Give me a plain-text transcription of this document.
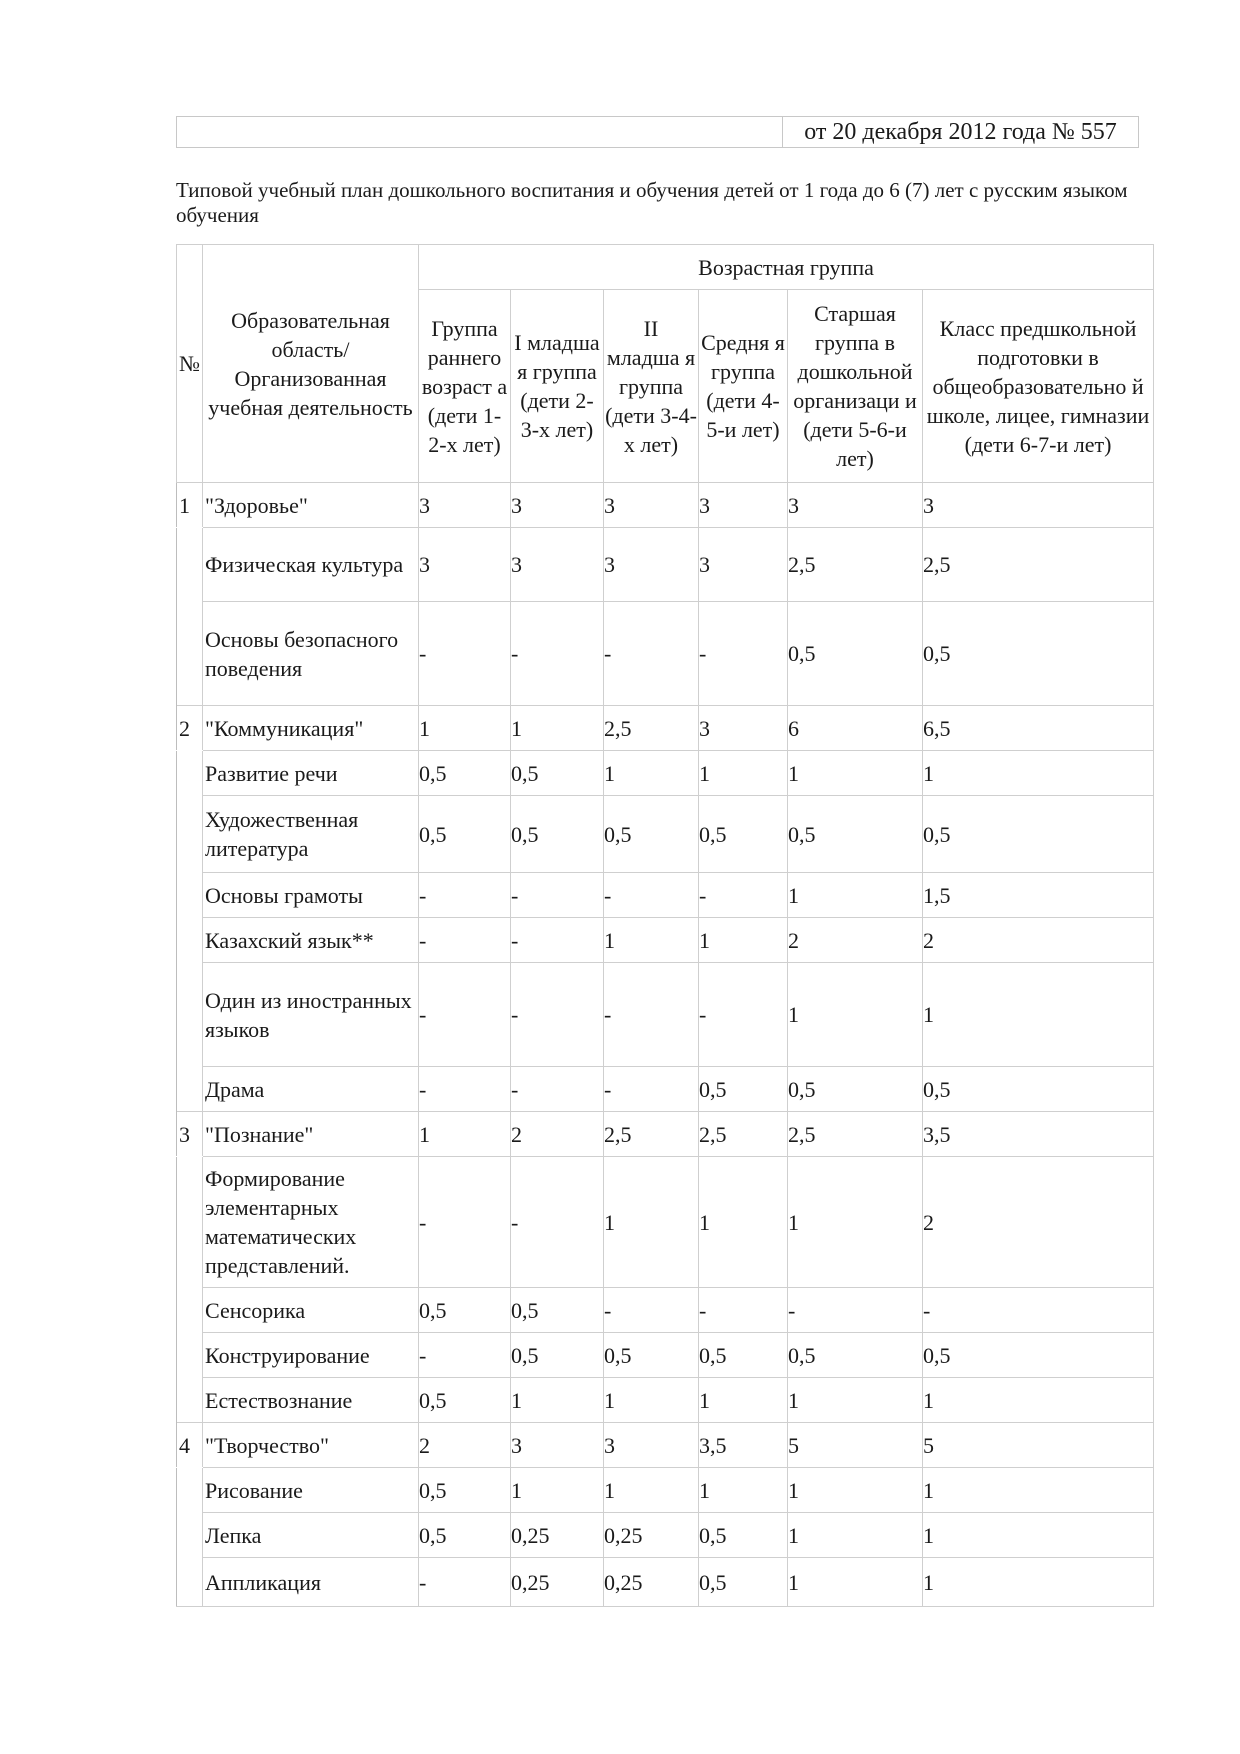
	от 20 декабря 2012 года № 557
Типовой учебный план дошкольного воспитания и обучения детей от 1 года до 6 (7) лет с русским языком обучения
№	Образовательная область/ Организованная учебная деятельность	Возрастная группа					
		Группа раннего возраст а (дети 1-2-х лет)	I младша я группа (дети 2-3-х лет)	II младша я группа (дети 3-4-х лет)	Средня я группа (дети 4-5-и лет)	Старшая группа в дошкольной организаци и (дети 5-6-и лет)	Класс предшкольной подготовки в общеобразовательно й школе, лицее, гимназии (дети 6-7-и лет)
1	"Здоровье"	3	3	3	3	3	3
	Физическая культура	3	3	3	3	2,5	2,5
	Основы безопасного поведения	-	-	-	-	0,5	0,5
2	"Коммуникация"	1	1	2,5	3	6	6,5
	Развитие речи	0,5	0,5	1	1	1	1
	Художественная литература	0,5	0,5	0,5	0,5	0,5	0,5
	Основы грамоты	-	-	-	-	1	1,5
	Казахский язык**	-	-	1	1	2	2
	Один из иностранных языков	-	-	-	-	1	1
	Драма	-	-	-	0,5	0,5	0,5
3	"Познание"	1	2	2,5	2,5	2,5	3,5
	Формирование элементарных математических представлений.	-	-	1	1	1	2
	Сенсорика	0,5	0,5	-	-	-	-
	Конструирование	-	0,5	0,5	0,5	0,5	0,5
	Естествознание	0,5	1	1	1	1	1
4	"Творчество"	2	3	3	3,5	5	5
	Рисование	0,5	1	1	1	1	1
	Лепка	0,5	0,25	0,25	0,5	1	1
	Аппликация	-	0,25	0,25	0,5	1	1
